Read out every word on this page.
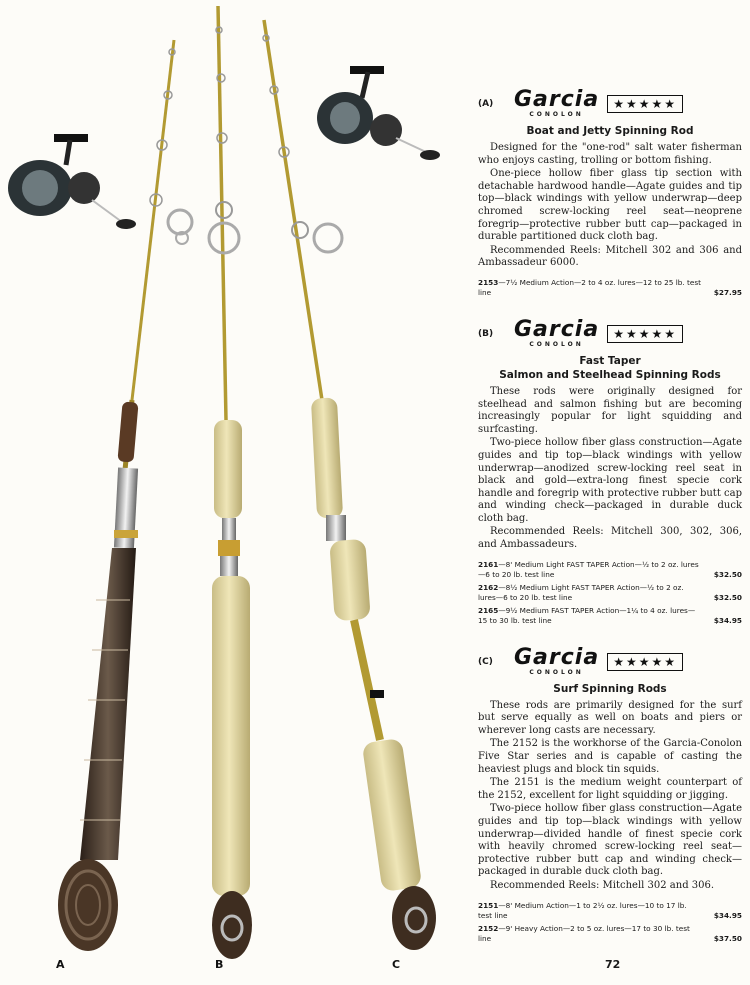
A	B	C	72
(A) Garcia
CONOLON
★★★★★
Boat and Jetty Spinning Rod

Designed for the "one-rod" salt water fisherman who enjoys casting, trolling or bottom fishing.

One-piece hollow fiber glass tip section with detachable hardwood handle—Agate guides and tip top—black windings with yellow underwrap—deep chromed screw-locking reel seat—neoprene foregrip—protective rubber butt cap—packaged in durable partitioned duck cloth bag.

Recommended Reels: Mitchell 302 and 306 and Ambassadeur 6000.

2153—7½ Medium Action—2 to 4 oz. lures—12 to 25 lb. test line	$27.95
(B) Garcia
CONOLON
★★★★★
Fast Taper
Salmon and Steelhead Spinning Rods

These rods were originally designed for steelhead and salmon fishing but are becoming increasingly popular for light squidding and surfcasting.

Two-piece hollow fiber glass construction—Agate guides and tip top—black windings with yellow underwrap—anodized screw-locking reel seat in black and gold—extra-long finest specie cork handle and foregrip with protective rubber butt cap and winding check—packaged in durable duck cloth bag.

Recommended Reels: Mitchell 300, 302, 306, and Ambassadeurs.

2161—8' Medium Light FAST TAPER Action—½ to 2 oz. lures—6 to 20 lb. test line	$32.50
2162—8½ Medium Light FAST TAPER Action—½ to 2 oz. lures—6 to 20 lb. test line	$32.50
2165—9½ Medium FAST TAPER Action—1¼ to 4 oz. lures—15 to 30 lb. test line	$34.95
(C) Garcia
CONOLON
★★★★★
Surf Spinning Rods

These rods are primarily designed for the surf but serve equally as well on boats and piers or wherever long casts are necessary.

The 2152 is the workhorse of the Garcia-Conolon Five Star series and is capable of casting the heaviest plugs and block tin squids.

The 2151 is the medium weight counterpart of the 2152, excellent for light squidding or jigging.

Two-piece hollow fiber glass construction—Agate guides and tip top—black windings with yellow underwrap—divided handle of finest specie cork with heavily chromed screw-locking reel seat—protective rubber butt cap and winding check—packaged in durable duck cloth bag.

Recommended Reels: Mitchell 302 and 306.

2151—8' Medium Action—1 to 2½ oz. lures—10 to 17 lb. test line	$34.95
2152—9' Heavy Action—2 to 5 oz. lures—17 to 30 lb. test line	$37.50
